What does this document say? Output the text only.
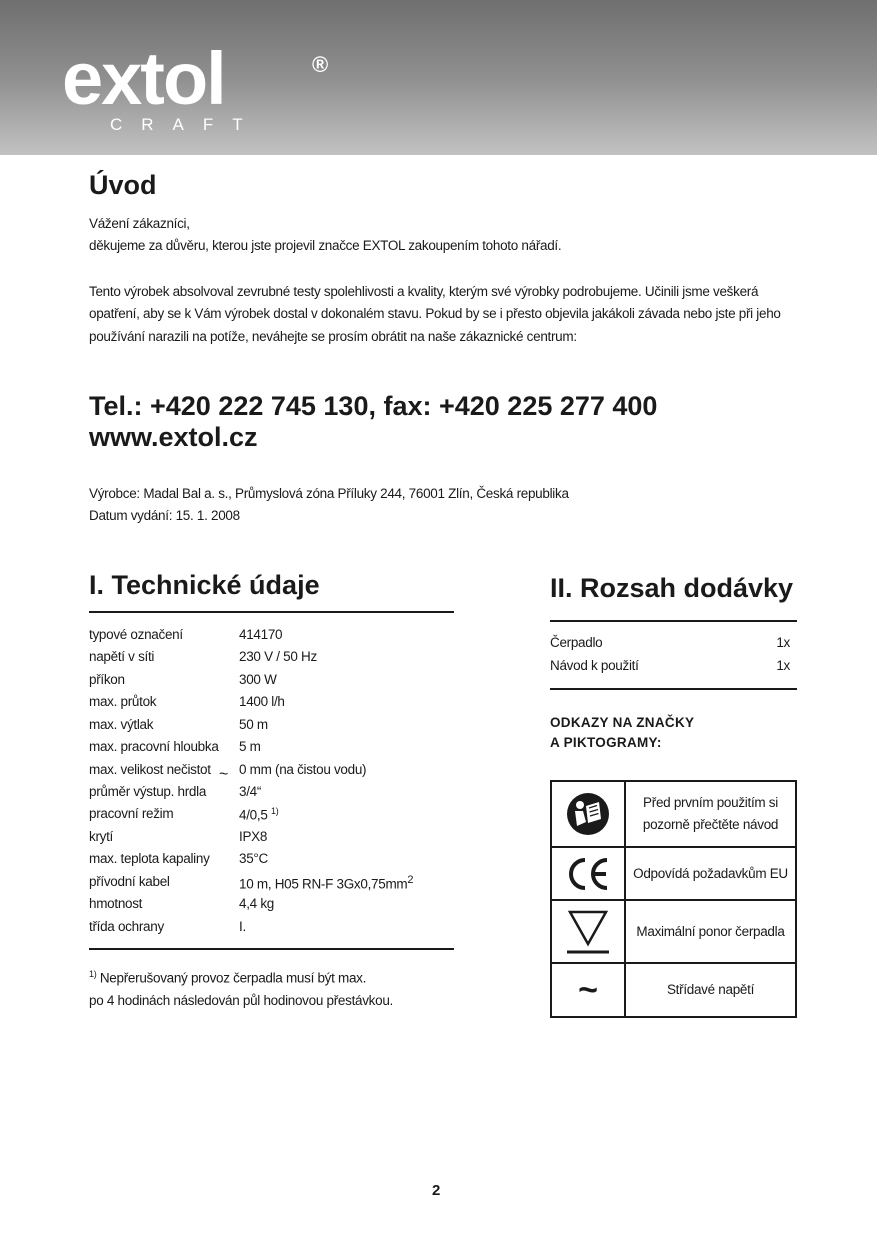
extol	®
CRAFT
Úvod
Vážení zákazníci,
děkujeme za důvěru, kterou jste projevil značce EXTOL zakoupením tohoto nářadí.
Tento výrobek absolvoval zevrubné testy spolehlivosti a kvality, kterým své výrobky podrobujeme. Učinili jsme veškerá
opatření, aby se k Vám výrobek dostal v dokonalém stavu. Pokud by se i přesto objevila jakákoli závada nebo jste při jeho
používání narazili na potíže, neváhejte se prosím obrátit na naše zákaznické centrum:
Tel.: +420 222 745 130, fax: +420 225 277 400
www.extol.cz
Výrobce: Madal Bal a. s., Průmyslová zóna Příluky 244, 76001 Zlín, Česká republika
Datum vydání: 15. 1. 2008
I. Technické údaje
typové označení	414170
napětí v síti	230 V / 50 Hz
příkon	300 W
max. průtok	1400 l/h
max. výtlak	50 m
max. pracovní hloubka 5 m
max. velikost nečistot ~ 0 mm (na čistou vodu)
průměr výstup. hrdla 3/4“
pracovní režim	4/0,5 $^{1)}$
krytí	IPX8
max. teplota kapaliny 35°C
přívodní kabel	10 m, H05 RN-F $3Gx0,75mm^2$
hmotnost	4,4 kg
třída ochrany	I.
$^{1)}$ Nepřerušovaný provoz čerpadla musí být max.
po 4 hodinách následován půl hodinovou přestávkou.
II. Rozsah dodávky
Čerpadlo	1x
Návod k použití	1x
ODKAZY NA ZNAČKY
A PIKTOGRAMY:
Před prvním použitím si
pozorně přečtěte návod
Odpovídá požadavkům EU
Maximální ponor čerpadla
~	Střídavé napětí
2
